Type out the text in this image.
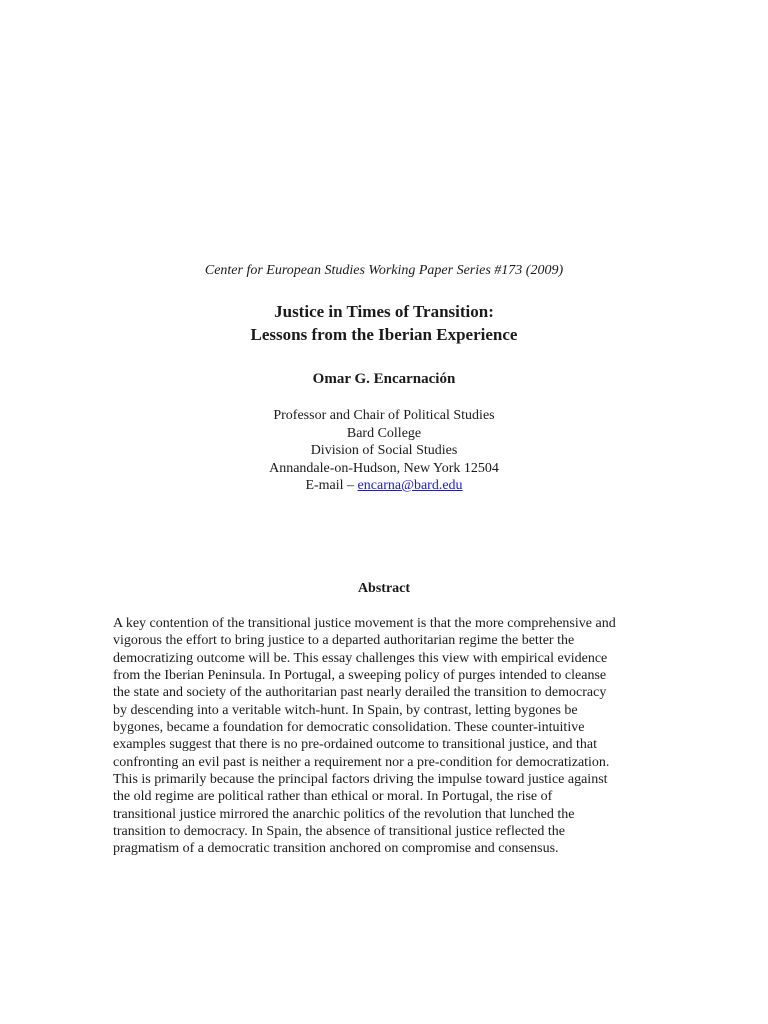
Center for European Studies Working Paper Series #173 (2009)
Justice in Times of Transition:
Lessons from the Iberian Experience
Omar G. Encarnación
Professor and Chair of Political Studies
Bard College
Division of Social Studies
Annandale-on-Hudson, New York 12504
E-mail – encarna@bard.edu
Abstract
A key contention of the transitional justice movement is that the more comprehensive and
vigorous the effort to bring justice to a departed authoritarian regime the better the
democratizing outcome will be. This essay challenges this view with empirical evidence
from the Iberian Peninsula. In Portugal, a sweeping policy of purges intended to cleanse
the state and society of the authoritarian past nearly derailed the transition to democracy
by descending into a veritable witch-hunt. In Spain, by contrast, letting bygones be
bygones, became a foundation for democratic consolidation. These counter-intuitive
examples suggest that there is no pre-ordained outcome to transitional justice, and that
confronting an evil past is neither a requirement nor a pre-condition for democratization.
This is primarily because the principal factors driving the impulse toward justice against
the old regime are political rather than ethical or moral. In Portugal, the rise of
transitional justice mirrored the anarchic politics of the revolution that lunched the
transition to democracy. In Spain, the absence of transitional justice reflected the
pragmatism of a democratic transition anchored on compromise and consensus.
